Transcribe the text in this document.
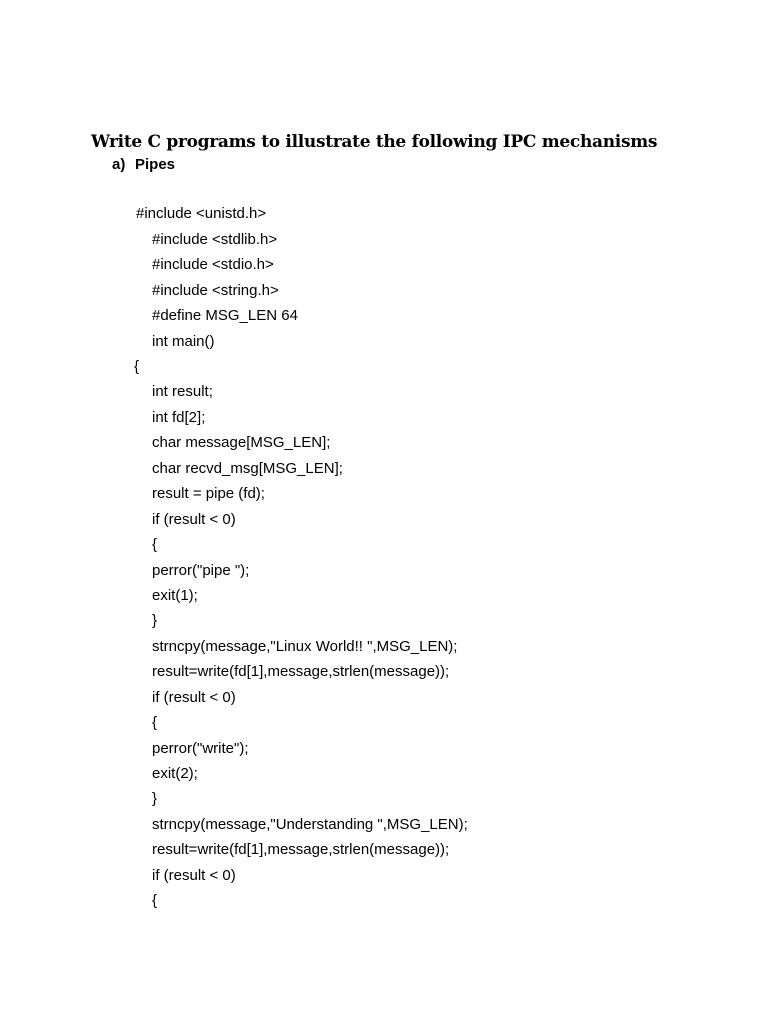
Write C programs to illustrate the following IPC mechanisms
a) Pipes
#include <unistd.h>
#include <stdlib.h>
#include <stdio.h>
#include <string.h>
#define MSG_LEN 64
int main()
{
int result;
int fd[2];
char message[MSG_LEN];
char recvd_msg[MSG_LEN];
result = pipe (fd);
if (result < 0)
{
perror("pipe ");
exit(1);
}
strncpy(message,"Linux World!! ",MSG_LEN);
result=write(fd[1],message,strlen(message));
if (result < 0)
{
perror("write");
exit(2);
}
strncpy(message,"Understanding ",MSG_LEN);
result=write(fd[1],message,strlen(message));
if (result < 0)
{
